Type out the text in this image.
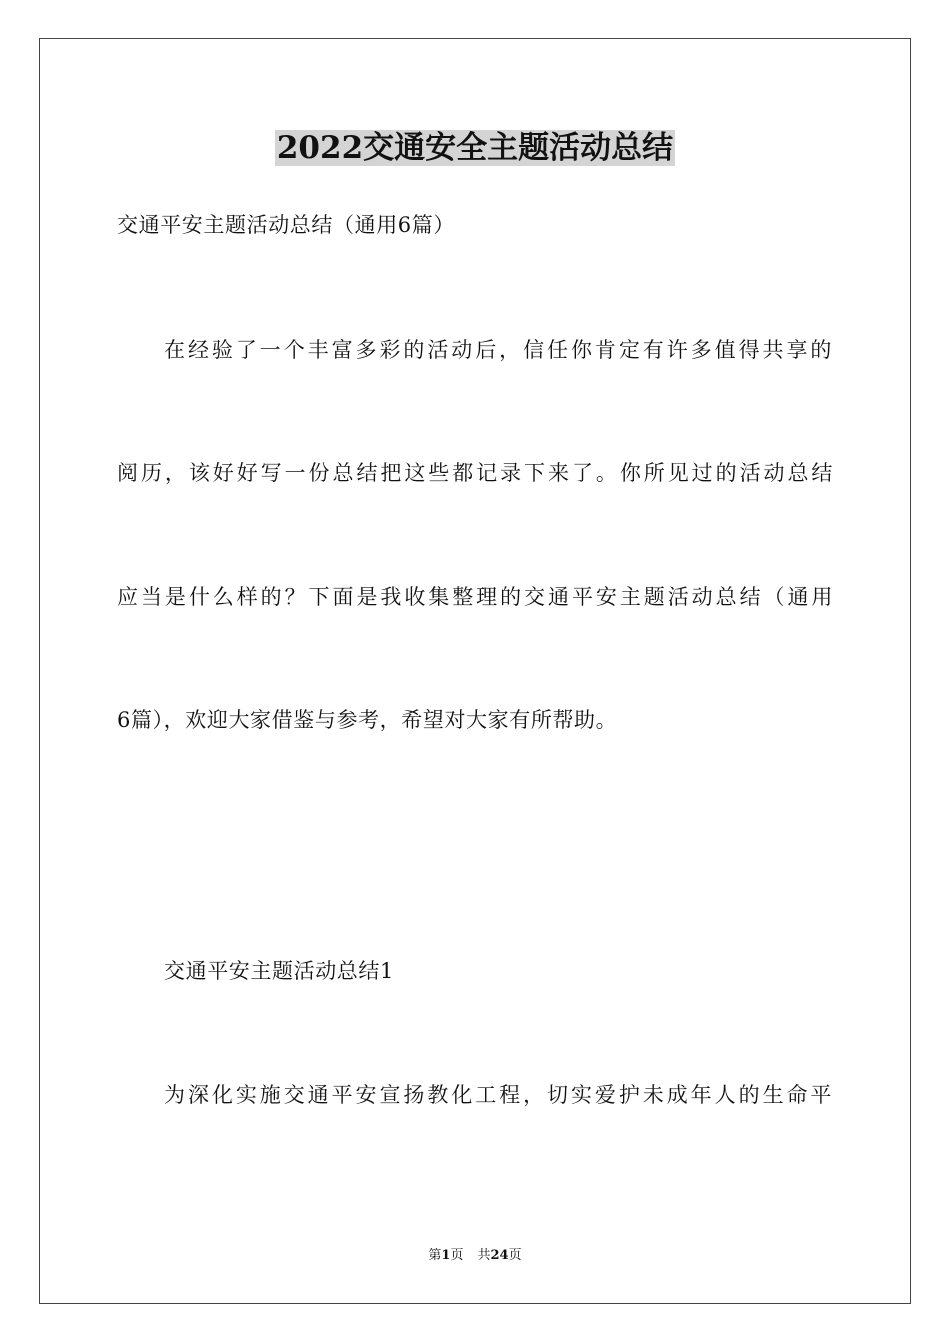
2022交通安全主题活动总结

交通平安主题活动总结（通用6篇）

在经验了一个丰富多彩的活动后，信任你肯定有许多值得共享的

阅历，该好好写一份总结把这些都记录下来了。你所见过的活动总结

应当是什么样的？下面是我收集整理的交通平安主题活动总结（通用

6篇），欢迎大家借鉴与参考，希望对大家有所帮助。

交通平安主题活动总结1

为深化实施交通平安宣扬教化工程，切实爱护未成年人的生命平

第1页 共24页
